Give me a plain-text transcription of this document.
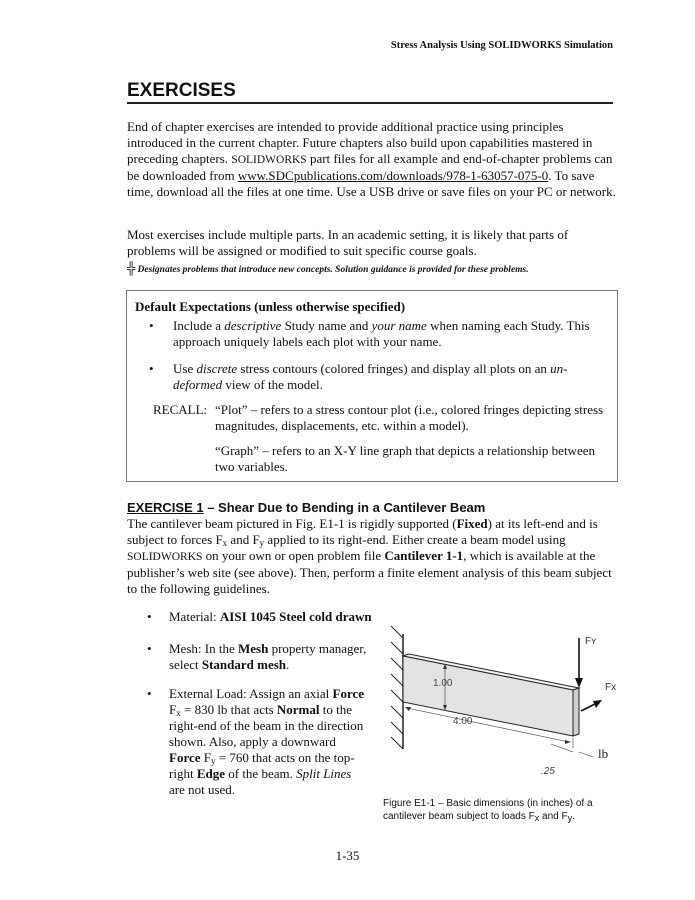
Stress Analysis Using SOLIDWORKS Simulation
EXERCISES
End of chapter exercises are intended to provide additional practice using principles introduced in the current chapter. Future chapters also build upon capabilities mastered in preceding chapters. SOLIDWORKS part files for all example and end-of-chapter problems can be downloaded from www.SDCpublications.com/downloads/978-1-63057-075-0. To save time, download all the files at one time. Use a USB drive or save files on your PC or network.
Most exercises include multiple parts. In an academic setting, it is likely that parts of problems will be assigned or modified to suit specific course goals.
╬ Designates problems that introduce new concepts. Solution guidance is provided for these problems.
Default Expectations (unless otherwise specified)
• Include a descriptive Study name and your name when naming each Study. This approach uniquely labels each plot with your name.
• Use discrete stress contours (colored fringes) and display all plots on an un-deformed view of the model.
RECALL: “Plot” – refers to a stress contour plot (i.e., colored fringes depicting stress magnitudes, displacements, etc. within a model).
“Graph” – refers to an X-Y line graph that depicts a relationship between two variables.
EXERCISE 1 – Shear Due to Bending in a Cantilever Beam
The cantilever beam pictured in Fig. E1-1 is rigidly supported (Fixed) at its left-end and is subject to forces $F_x$ and $F_y$ applied to its right-end. Either create a beam model using SOLIDWORKS on your own or open problem file Cantilever 1-1, which is available at the publisher’s web site (see above). Then, perform a finite element analysis of this beam subject to the following guidelines.
• Material: AISI 1045 Steel cold drawn
• Mesh: In the Mesh property manager, select Standard mesh.
• External Load: Assign an axial Force $F_x = 830$ lb that acts Normal to the right-end of the beam in the direction shown. Also, apply a downward Force $F_y = 760$ that acts on the top-right Edge of the beam. Split Lines are not used.
Fʏ
Fx
1.00
4.00
.25
lb
Figure E1-1 – Basic dimensions (in inches) of a cantilever beam subject to loads $F_x$ and $F_y$.
1-35
